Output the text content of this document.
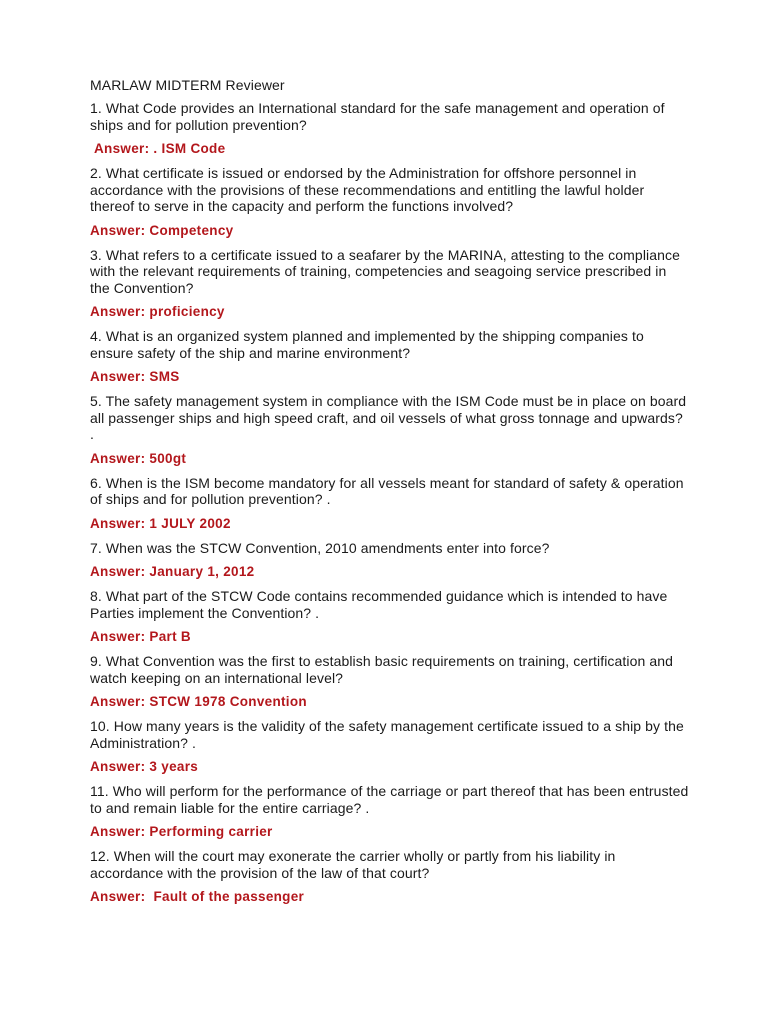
MARLAW MIDTERM Reviewer

1. What Code provides an International standard for the safe management and operation of ships and for pollution prevention?

Answer: . ISM Code

2. What certificate is issued or endorsed by the Administration for offshore personnel in accordance with the provisions of these recommendations and entitling the lawful holder thereof to serve in the capacity and perform the functions involved?

Answer: Competency

3. What refers to a certificate issued to a seafarer by the MARINA, attesting to the compliance with the relevant requirements of training, competencies and seagoing service prescribed in the Convention?

Answer: proficiency

4. What is an organized system planned and implemented by the shipping companies to ensure safety of the ship and marine environment?

Answer: SMS

5. The safety management system in compliance with the ISM Code must be in place on board all passenger ships and high speed craft, and oil vessels of what gross tonnage and upwards? .

Answer: 500gt

6. When is the ISM become mandatory for all vessels meant for standard of safety & operation of ships and for pollution prevention? .

Answer: 1 JULY 2002

7. When was the STCW Convention, 2010 amendments enter into force?

Answer: January 1, 2012

8. What part of the STCW Code contains recommended guidance which is intended to have Parties implement the Convention? .

Answer: Part B

9. What Convention was the first to establish basic requirements on training, certification and watch keeping on an international level?

Answer: STCW 1978 Convention

10. How many years is the validity of the safety management certificate issued to a ship by the Administration? .

Answer: 3 years

11. Who will perform for the performance of the carriage or part thereof that has been entrusted to and remain liable for the entire carriage? .

Answer: Performing carrier

12. When will the court may exonerate the carrier wholly or partly from his liability in accordance with the provision of the law of that court?

Answer:  Fault of the passenger
